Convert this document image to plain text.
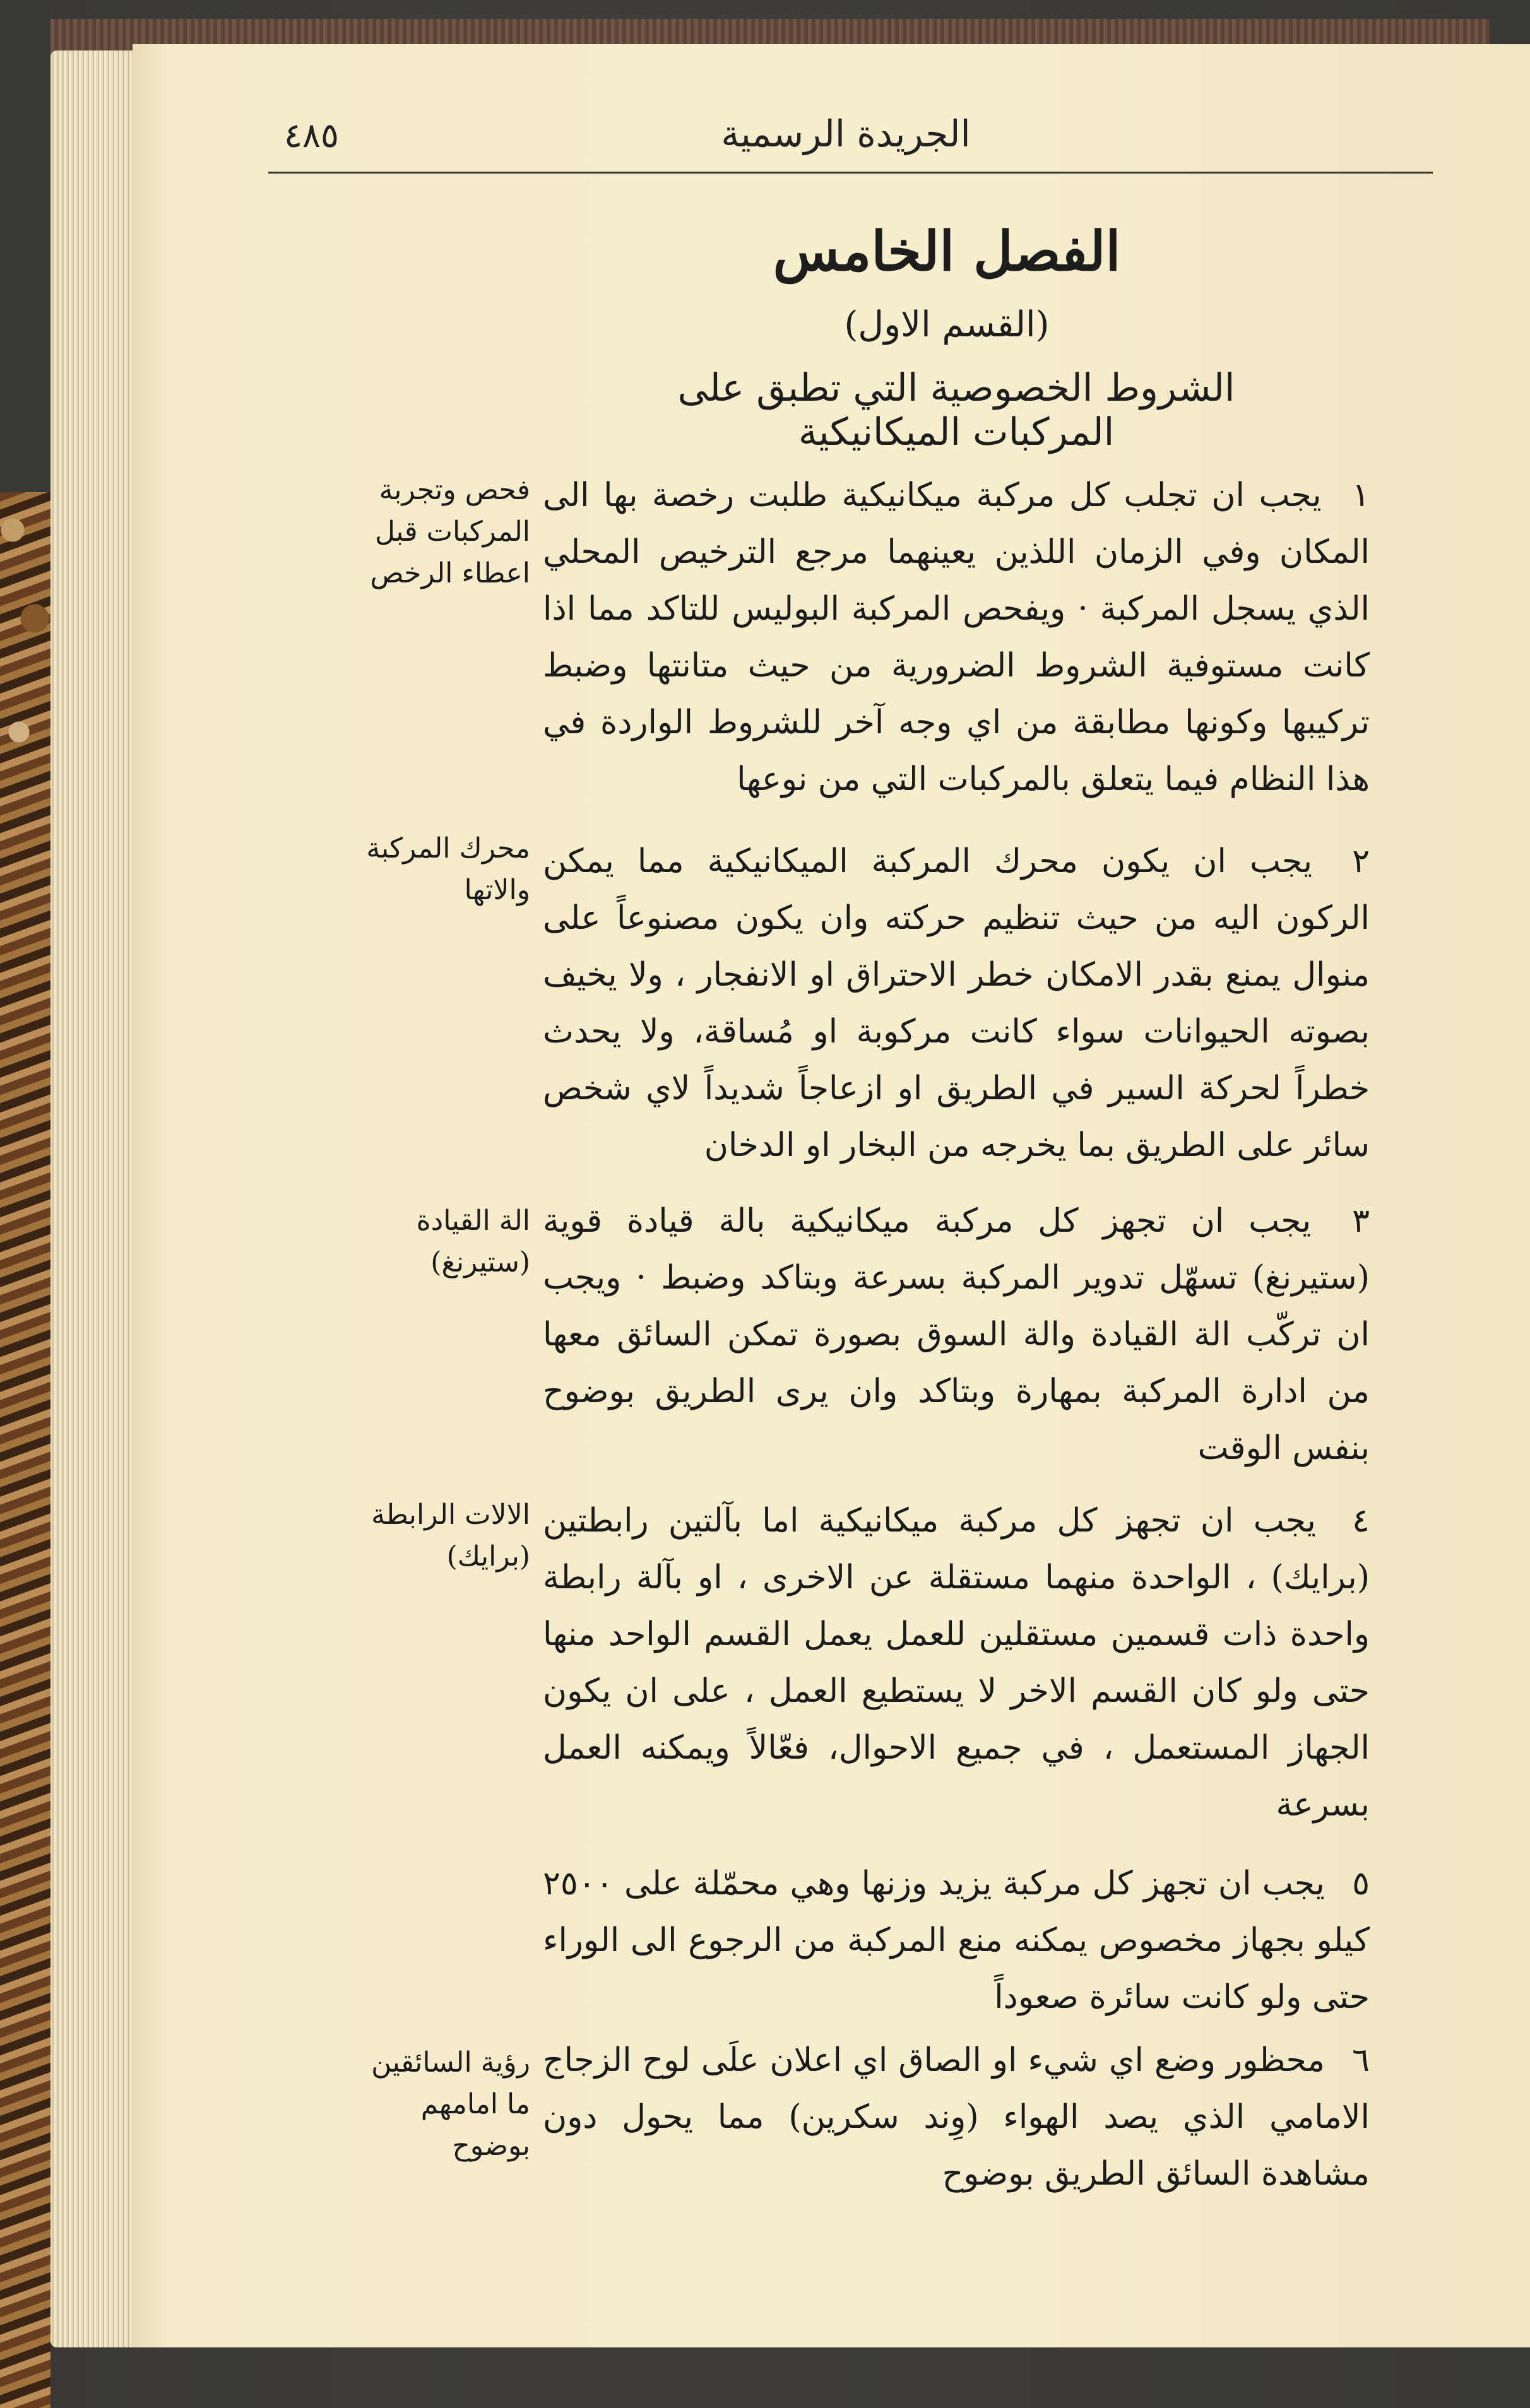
٤٨٥	الجريدة الرسمية
الفصل الخامس
(القسم الاول)
الشروط الخصوصية التي تطبق على المركبات الميكانيكية
١ يجب ان تجلب كل مركبة ميكانيكية طلبت رخصة بها الى المكان وفي الزمان اللذين يعينهما مرجع الترخيص المحلي الذي يسجل المركبة · ويفحص المركبة البوليس للتاكد مما اذا كانت مستوفية الشروط الضرورية من حيث متانتها وضبط تركيبها وكونها مطابقة من اي وجه آخر للشروط الواردة في هذا النظام فيما يتعلق بالمركبات التي من نوعها
فحص وتجربة المركبات قبل اعطاء الرخص
٢ يجب ان يكون محرك المركبة الميكانيكية مما يمكن الركون اليه من حيث تنظيم حركته وان يكون مصنوعاً على منوال يمنع بقدر الامكان خطر الاحتراق او الانفجار ، ولا يخيف بصوته الحيوانات سواء كانت مركوبة او مُساقة، ولا يحدث خطراً لحركة السير في الطريق او ازعاجاً شديداً لاي شخص سائر على الطريق بما يخرجه من البخار او الدخان
محرك المركبة والاتها
٣ يجب ان تجهز كل مركبة ميكانيكية بالة قيادة قوية (ستيرنغ) تسهّل تدوير المركبة بسرعة وبتاكد وضبط · ويجب ان تركّب الة القيادة والة السوق بصورة تمكن السائق معها من ادارة المركبة بمهارة وبتاكد وان يرى الطريق بوضوح بنفس الوقت
الة القيادة (ستيرنغ)
٤ يجب ان تجهز كل مركبة ميكانيكية اما بآلتين رابطتين (برايك) ، الواحدة منهما مستقلة عن الاخرى ، او بآلة رابطة واحدة ذات قسمين مستقلين للعمل يعمل القسم الواحد منها حتى ولو كان القسم الاخر لا يستطيع العمل ، على ان يكون الجهاز المستعمل ، في جميع الاحوال، فعّالاً ويمكنه العمل بسرعة
الالات الرابطة (برايك)
٥ يجب ان تجهز كل مركبة يزيد وزنها وهي محمّلة على ٢٥٠٠ كيلو بجهاز مخصوص يمكنه منع المركبة من الرجوع الى الوراء حتى ولو كانت سائرة صعوداً
٦ محظور وضع اي شيء او الصاق اي اعلان علَى لوح الزجاج الامامي الذي يصد الهواء (وِند سكرين) مما يحول دون مشاهدة السائق الطريق بوضوح
رؤية السائقين ما امامهم بوضوح
